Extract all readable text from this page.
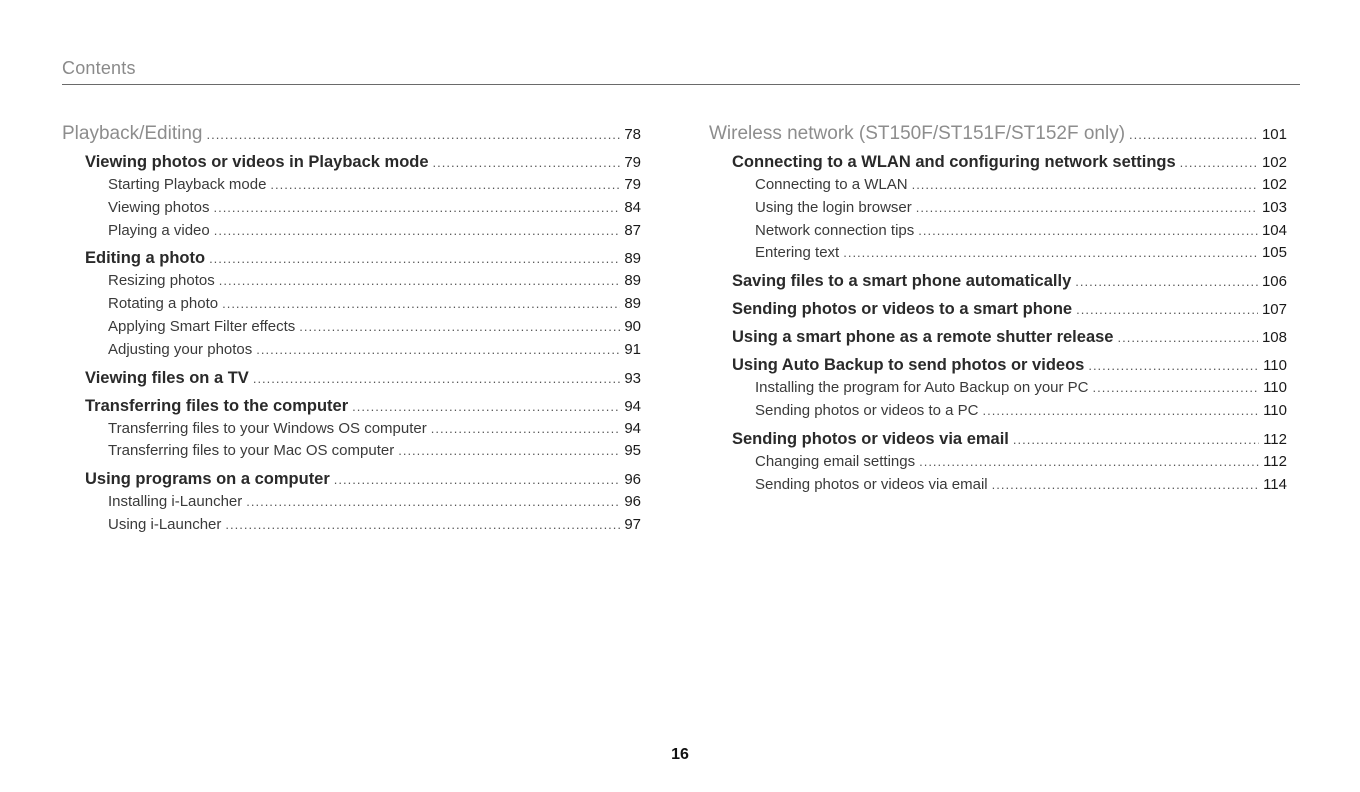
Contents
Playback/Editing .....	78
Viewing photos or videos in Playback mode .....	79
Starting Playback mode .....	79
Viewing photos .....	84
Playing a video .....	87
Editing a photo .....	89
Resizing photos .....	89
Rotating a photo .....	89
Applying Smart Filter effects .....	90
Adjusting your photos .....	91
Viewing files on a TV .....	93
Transferring files to the computer .....	94
Transferring files to your Windows OS computer .....	94
Transferring files to your Mac OS computer .....	95
Using programs on a computer .....	96
Installing i-Launcher .....	96
Using i-Launcher .....	97
Wireless network (ST150F/ST151F/ST152F only) .....	101
Connecting to a WLAN and configuring network settings .....	102
Connecting to a WLAN .....	102
Using the login browser .....	103
Network connection tips .....	104
Entering text .....	105
Saving files to a smart phone automatically .....	106
Sending photos or videos to a smart phone .....	107
Using a smart phone as a remote shutter release .....	108
Using Auto Backup to send photos or videos .....	110
Installing the program for Auto Backup on your PC .....	110
Sending photos or videos to a PC .....	110
Sending photos or videos via email .....	112
Changing email settings .....	112
Sending photos or videos via email .....	114
16
